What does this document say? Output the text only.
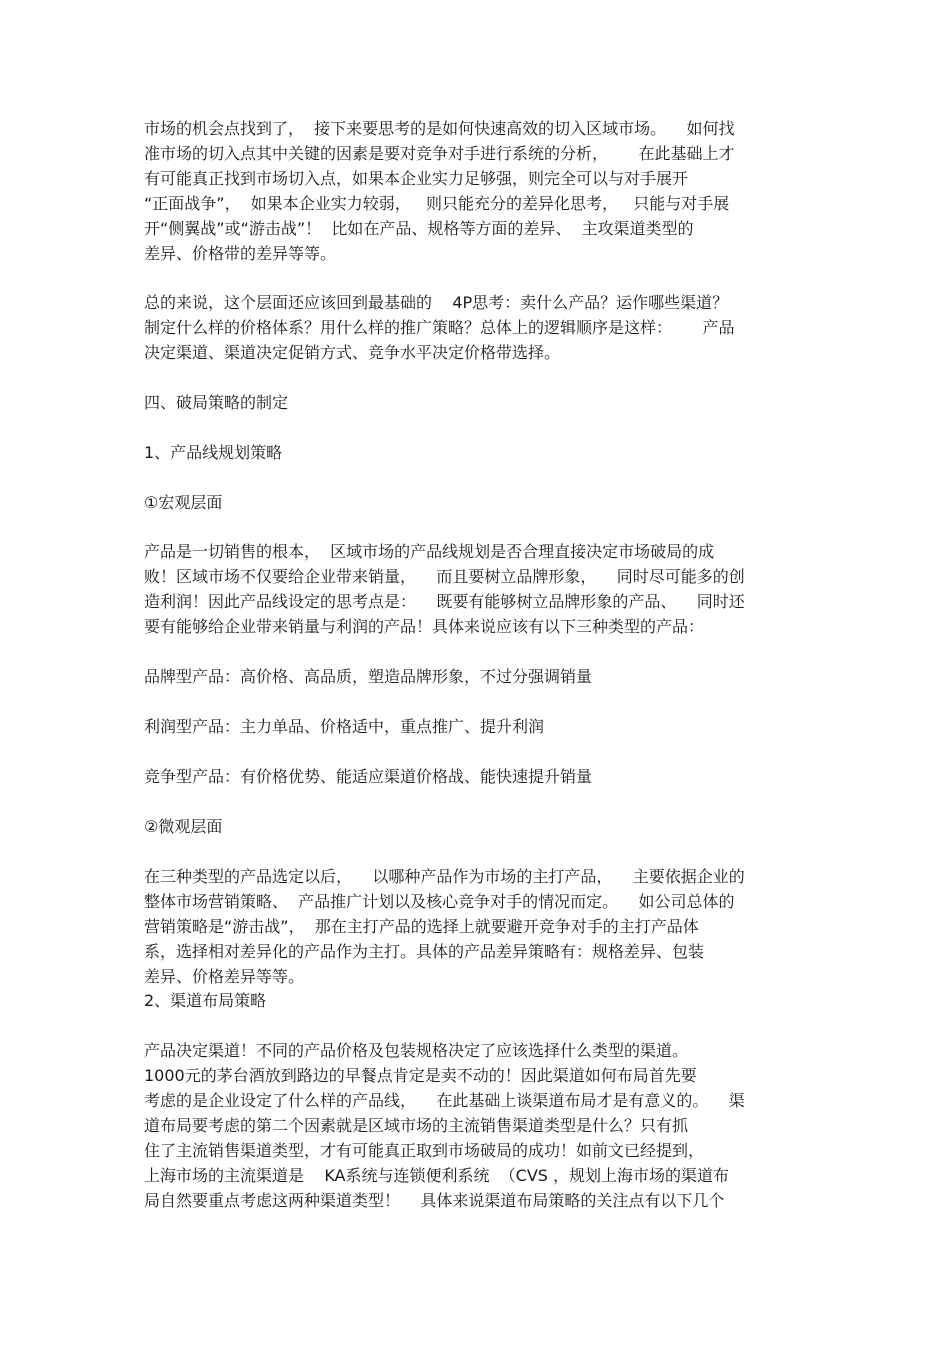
市场的机会点找到了，  接下来要思考的是如何快速高效的切入区域市场。    如何找

准市场的切入点其中关键的因素是要对竞争对手进行系统的分析，      在此基础上才

有可能真正找到市场切入点，如果本企业实力足够强，则完全可以与对手展开

“正面战争”，  如果本企业实力较弱，   则只能充分的差异化思考，   只能与对手展

开“侧翼战”或“游击战”！  比如在产品、规格等方面的差异、  主攻渠道类型的

差异、价格带的差异等等。

总的来说，这个层面还应该回到最基础的    4P思考：卖什么产品？运作哪些渠道？

制定什么样的价格体系？用什么样的推广策略？总体上的逻辑顺序是这样：      产品

决定渠道、渠道决定促销方式、竞争水平决定价格带选择。

四、破局策略的制定

1、产品线规划策略

①宏观层面

产品是一切销售的根本，  区域市场的产品线规划是否合理直接决定市场破局的成

败！区域市场不仅要给企业带来销量，    而且要树立品牌形象，    同时尽可能多的创

造利润！因此产品线设定的思考点是：    既要有能够树立品牌形象的产品、    同时还

要有能够给企业带来销量与利润的产品！具体来说应该有以下三种类型的产品：

品牌型产品：高价格、高品质，塑造品牌形象，不过分强调销量

利润型产品：主力单品、价格适中，重点推广、提升利润

竞争型产品：有价格优势、能适应渠道价格战、能快速提升销量

②微观层面

在三种类型的产品选定以后，    以哪种产品作为市场的主打产品，    主要依据企业的

整体市场营销策略、  产品推广计划以及核心竞争对手的情况而定。    如公司总体的

营销策略是“游击战”，  那在主打产品的选择上就要避开竞争对手的主打产品体

系，选择相对差异化的产品作为主打。具体的产品差异策略有：规格差异、包装

差异、价格差异等等。

2、渠道布局策略

产品决定渠道！不同的产品价格及包装规格决定了应该选择什么类型的渠道。

1000元的茅台酒放到路边的早餐点肯定是卖不动的！因此渠道如何布局首先要

考虑的是企业设定了什么样的产品线，    在此基础上谈渠道布局才是有意义的。    渠

道布局要考虑的第二个因素就是区域市场的主流销售渠道类型是什么？只有抓

住了主流销售渠道类型，才有可能真正取到市场破局的成功！如前文已经提到，

上海市场的主流渠道是    KA系统与连锁便利系统  （CVS ，规划上海市场的渠道布

局自然要重点考虑这两种渠道类型！    具体来说渠道布局策略的关注点有以下几个
